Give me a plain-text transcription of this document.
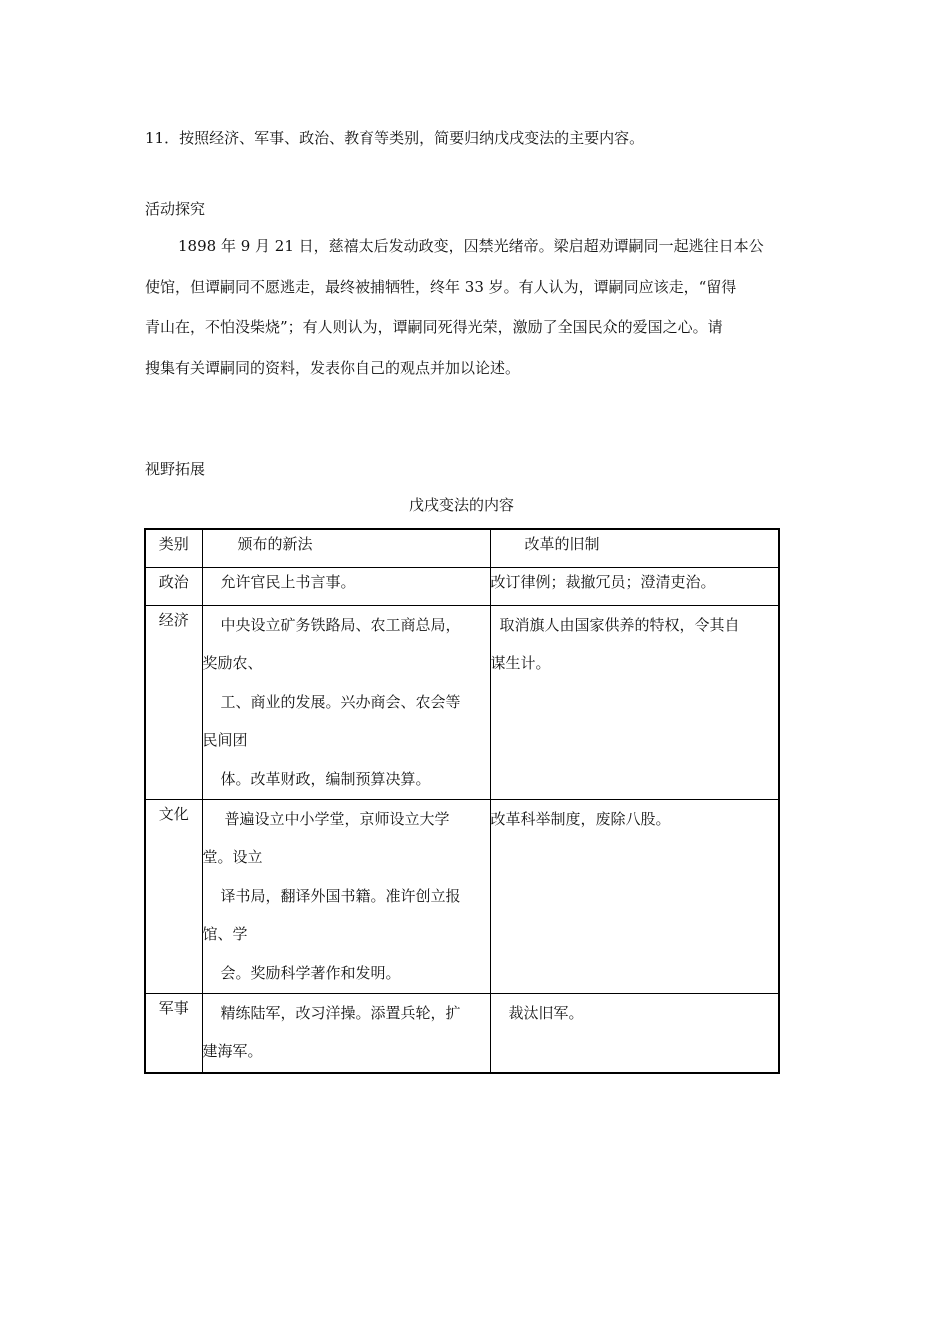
11．按照经济、军事、政治、教育等类别，简要归纳戊戌变法的主要内容。
活动探究

1898 年 9 月 21 日，慈禧太后发动政变，囚禁光绪帝。梁启超劝谭嗣同一起逃往日本公

使馆，但谭嗣同不愿逃走，最终被捕牺牲，终年 33 岁。有人认为，谭嗣同应该走，“留得

青山在，不怕没柴烧”；有人则认为，谭嗣同死得光荣，激励了全国民众的爱国之心。请

搜集有关谭嗣同的资料，发表你自己的观点并加以论述。

视野拓展
戊戌变法的内容
类别	颁布的新法	改革的旧制
政治	允许官民上书言事。	改订律例；裁撤冗员；澄清吏治。

经济	中央设立矿务铁路局、农工商总局，
奖励农、
工、商业的发展。兴办商会、农会等
民间团
体。改革财政，编制预算决算。	取消旗人由国家供养的特权，令其自
谋生计。

文化	普遍设立中小学堂，京师设立大学
堂。设立
译书局，翻译外国书籍。准许创立报
馆、学
会。奖励科学著作和发明。	改革科举制度，废除八股。

军事	精练陆军，改习洋操。添置兵轮，扩
建海军。	裁汰旧军。
